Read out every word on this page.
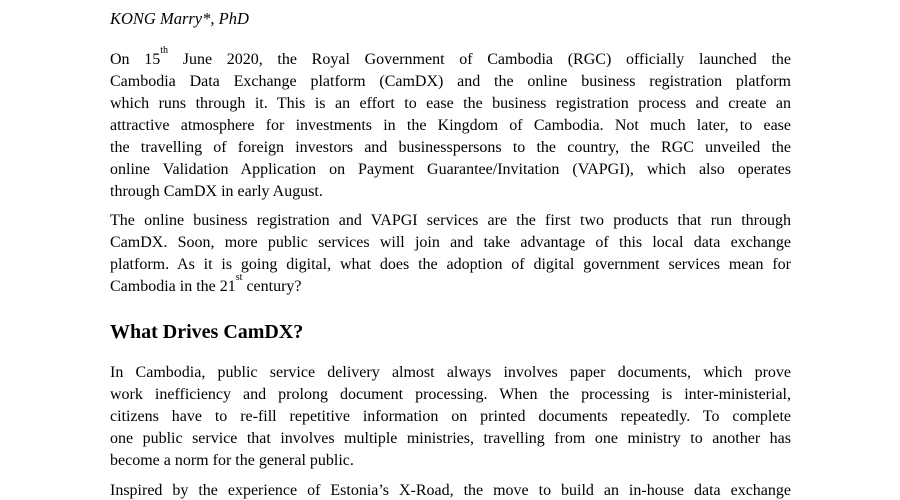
KONG Marry*, PhD
On 15th June 2020, the Royal Government of Cambodia (RGC) officially launched the
Cambodia Data Exchange platform (CamDX) and the online business registration platform
which runs through it. This is an effort to ease the business registration process and create an
attractive atmosphere for investments in the Kingdom of Cambodia. Not much later, to ease
the travelling of foreign investors and businesspersons to the country, the RGC unveiled the
online Validation Application on Payment Guarantee/Invitation (VAPGI), which also operates
through CamDX in early August.
The online business registration and VAPGI services are the first two products that run through
CamDX. Soon, more public services will join and take advantage of this local data exchange
platform. As it is going digital, what does the adoption of digital government services mean for
Cambodia in the 21st century?
What Drives CamDX?
In Cambodia, public service delivery almost always involves paper documents, which prove
work inefficiency and prolong document processing. When the processing is inter-ministerial,
citizens have to re-fill repetitive information on printed documents repeatedly. To complete
one public service that involves multiple ministries, travelling from one ministry to another has
become a norm for the general public.
Inspired by the experience of Estonia’s X-Road, the move to build an in-house data exchange
